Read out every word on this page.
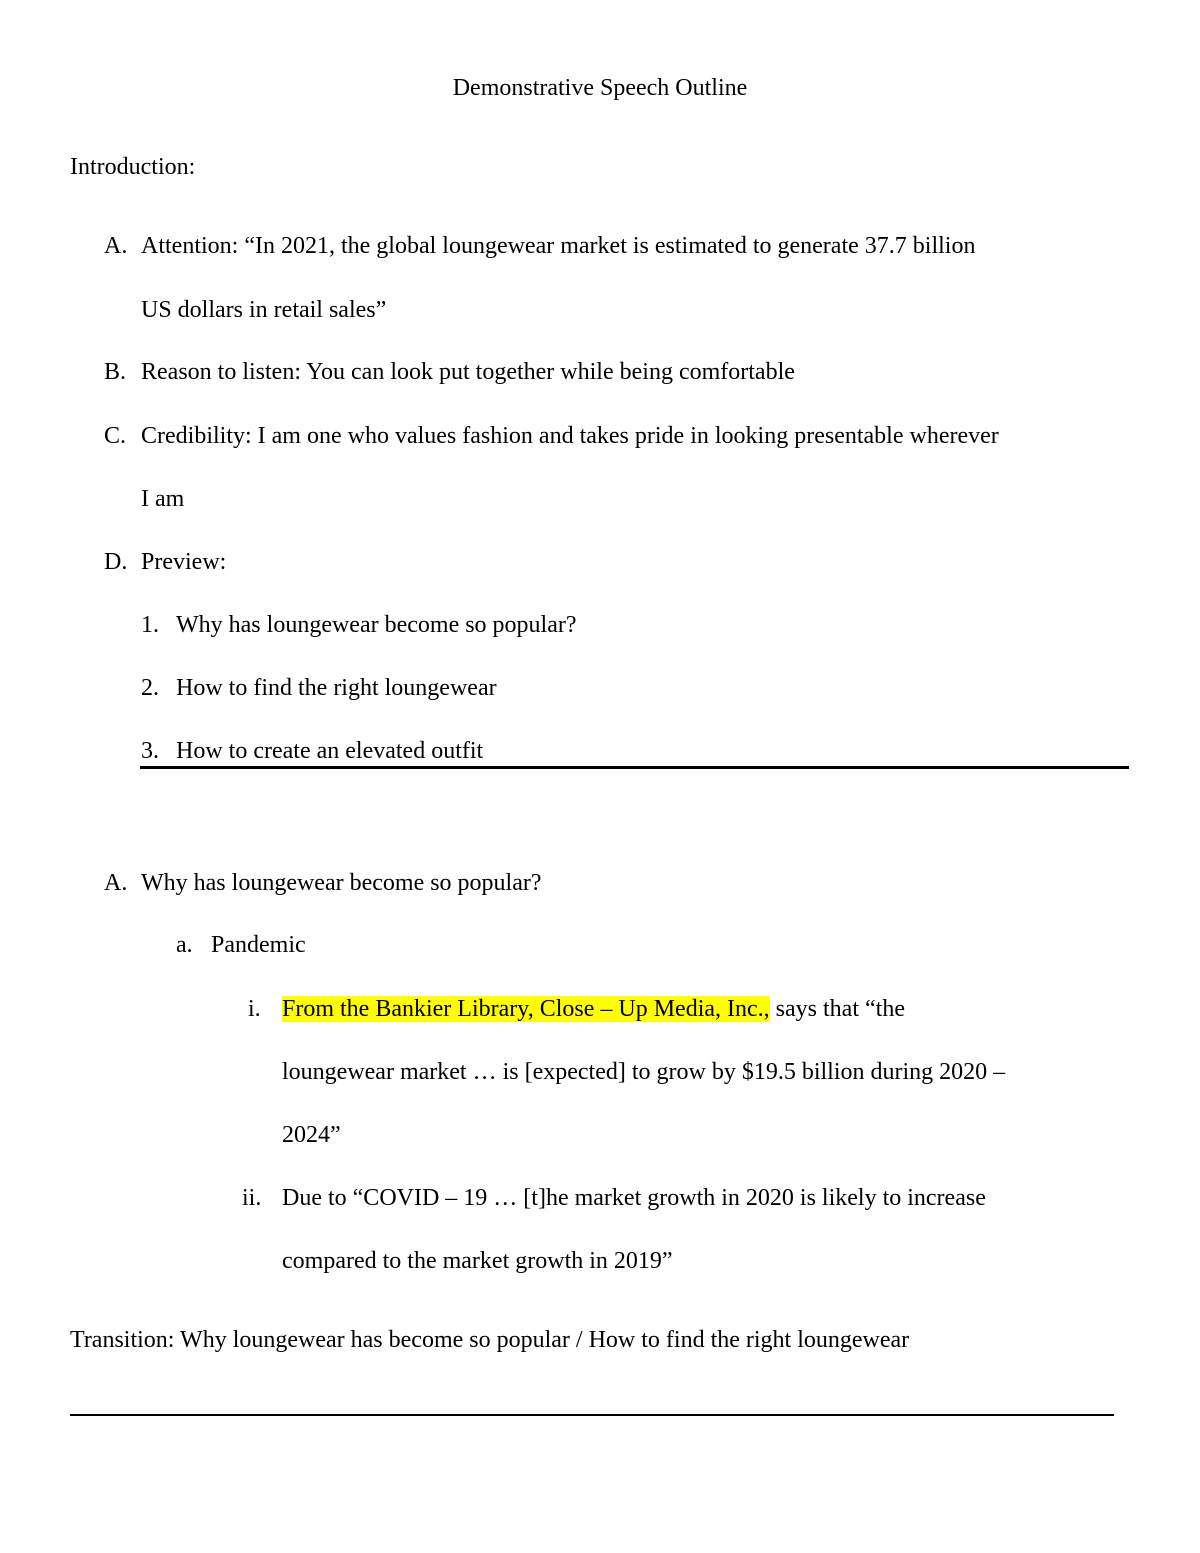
Demonstrative Speech Outline
Introduction:
A. Attention: “In 2021, the global loungewear market is estimated to generate 37.7 billion
US dollars in retail sales”
B. Reason to listen: You can look put together while being comfortable
C. Credibility: I am one who values fashion and takes pride in looking presentable wherever
I am
D. Preview:
1. Why has loungewear become so popular?
2. How to find the right loungewear
3. How to create an elevated outfit
A. Why has loungewear become so popular?
a. Pandemic
i. From the Bankier Library, Close – Up Media, Inc., says that “the
loungewear market … is [expected] to grow by $19.5 billion during 2020 –
2024”
ii. Due to “COVID – 19 … [t]he market growth in 2020 is likely to increase
compared to the market growth in 2019”
Transition: Why loungewear has become so popular / How to find the right loungewear
